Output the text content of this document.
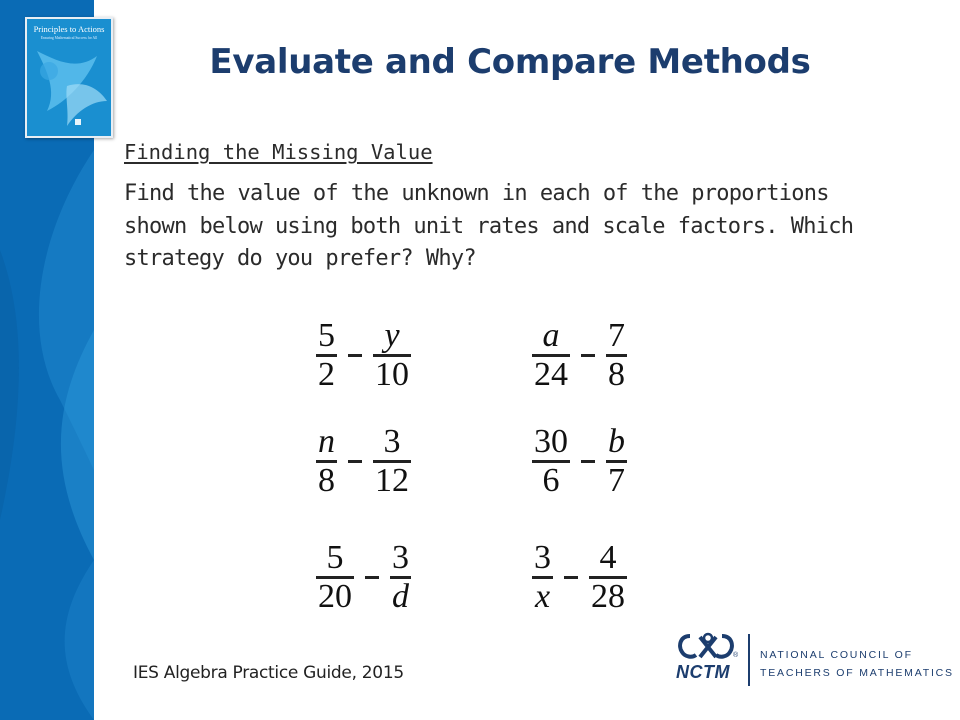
Principles to Actions
Ensuring Mathematical Success for All
Evaluate and Compare Methods

Finding the Missing Value

Find the value of the unknown in each of the proportions shown below using both unit rates and scale factors. Which strategy do you prefer? Why?

$\frac{5}{2} \frac{y}{10}$	$\frac{a}{24} \frac{7}{8}$
$\frac{n}{8} \frac{3}{12}$	$\frac{30}{6} \frac{b}{7}$
$\frac{5}{20} \frac{3}{d}$	$\frac{3}{x} \frac{4}{28}$

IES Algebra Practice Guide, 2015

®
NCTM
NATIONAL COUNCIL OF
TEACHERS OF MATHEMATICS
